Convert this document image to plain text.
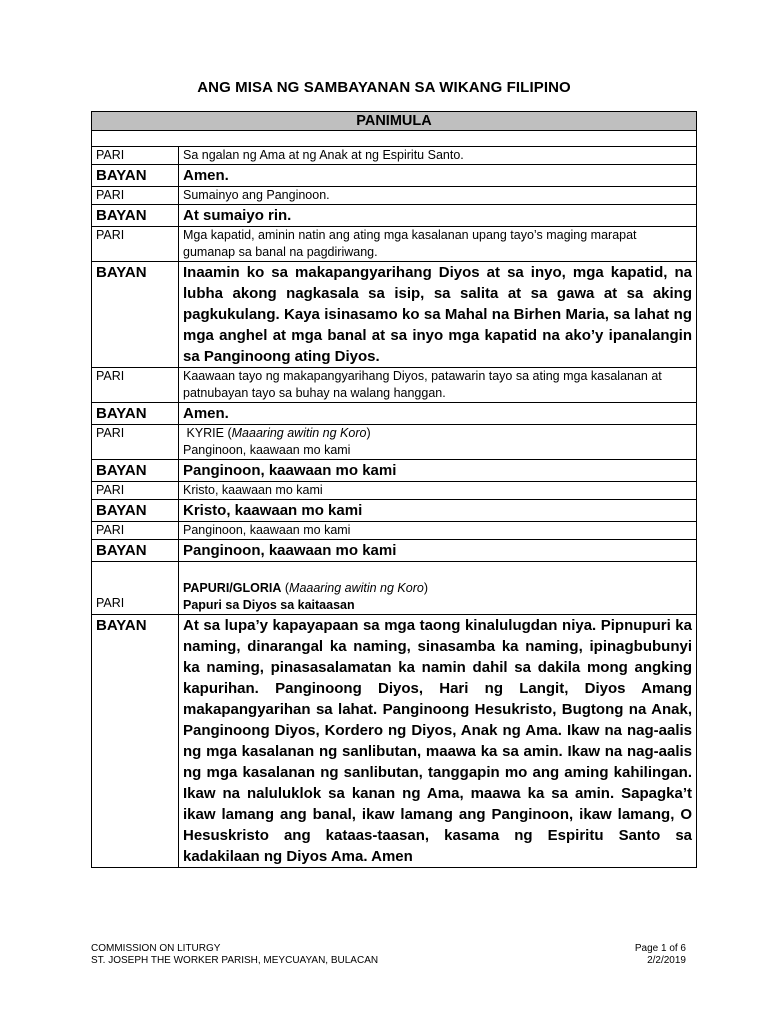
ANG MISA NG SAMBAYANAN SA WIKANG FILIPINO
PANIMULA	

PARI	Sa ngalan ng Ama at ng Anak at ng Espiritu Santo.
BAYAN	Amen.
PARI	Sumainyo ang Panginoon.
BAYAN	At sumaiyo rin.
PARI	Mga kapatid, aminin natin ang ating mga kasalanan upang tayo’s maging marapat gumanap sa banal na pagdiriwang.
BAYAN	Inaamin ko sa makapangyarihang Diyos at sa inyo, mga kapatid, na lubha akong nagkasala sa isip, sa salita at sa gawa at sa aking pagkukulang. Kaya isinasamo ko sa Mahal na Birhen Maria, sa lahat ng mga anghel at mga banal at sa inyo mga kapatid na ako’y ipanalangin sa Panginoong ating Diyos.
PARI	Kaawaan tayo ng makapangyarihang Diyos, patawarin tayo sa ating mga kasalanan at patnubayan tayo sa buhay na walang hanggan.
BAYAN	Amen.
PARI	KYRIE (Maaaring awitin ng Koro)
Panginoon, kaawaan mo kami

BAYAN	Panginoon, kaawaan mo kami
PARI	Kristo, kaawaan mo kami
BAYAN	Kristo, kaawaan mo kami
PARI	Panginoon, kaawaan mo kami
BAYAN	Panginoon, kaawaan mo kami
PARI	PAPURI/GLORIA (Maaaring awitin ng Koro)
Papuri sa Diyos sa kaitaasan

BAYAN	At sa lupa’y kapayapaan sa mga taong kinalulugdan niya. Pipnupuri ka naming, dinarangal ka naming, sinasamba ka naming, ipinagbubunyi ka naming, pinasasalamatan ka namin dahil sa dakila mong angking kapurihan. Panginoong Diyos, Hari ng Langit, Diyos Amang makapangyarihan sa lahat. Panginoong Hesukristo, Bugtong na Anak, Panginoong Diyos, Kordero ng Diyos, Anak ng Ama. Ikaw na nag-aalis ng mga kasalanan ng sanlibutan, maawa ka sa amin. Ikaw na nag-aalis ng mga kasalanan ng sanlibutan, tanggapin mo ang aming kahilingan. Ikaw na naluluklok sa kanan ng Ama, maawa ka sa amin. Sapagka’t ikaw lamang ang banal, ikaw lamang ang Panginoon, ikaw lamang, O Hesuskristo ang kataas-taasan, kasama ng Espiritu Santo sa kadakilaan ng Diyos Ama. Amen
COMMISSION ON LITURGY
ST. JOSEPH THE WORKER PARISH, MEYCUAYAN, BULACAN
Page 1 of 6
2/2/2019
